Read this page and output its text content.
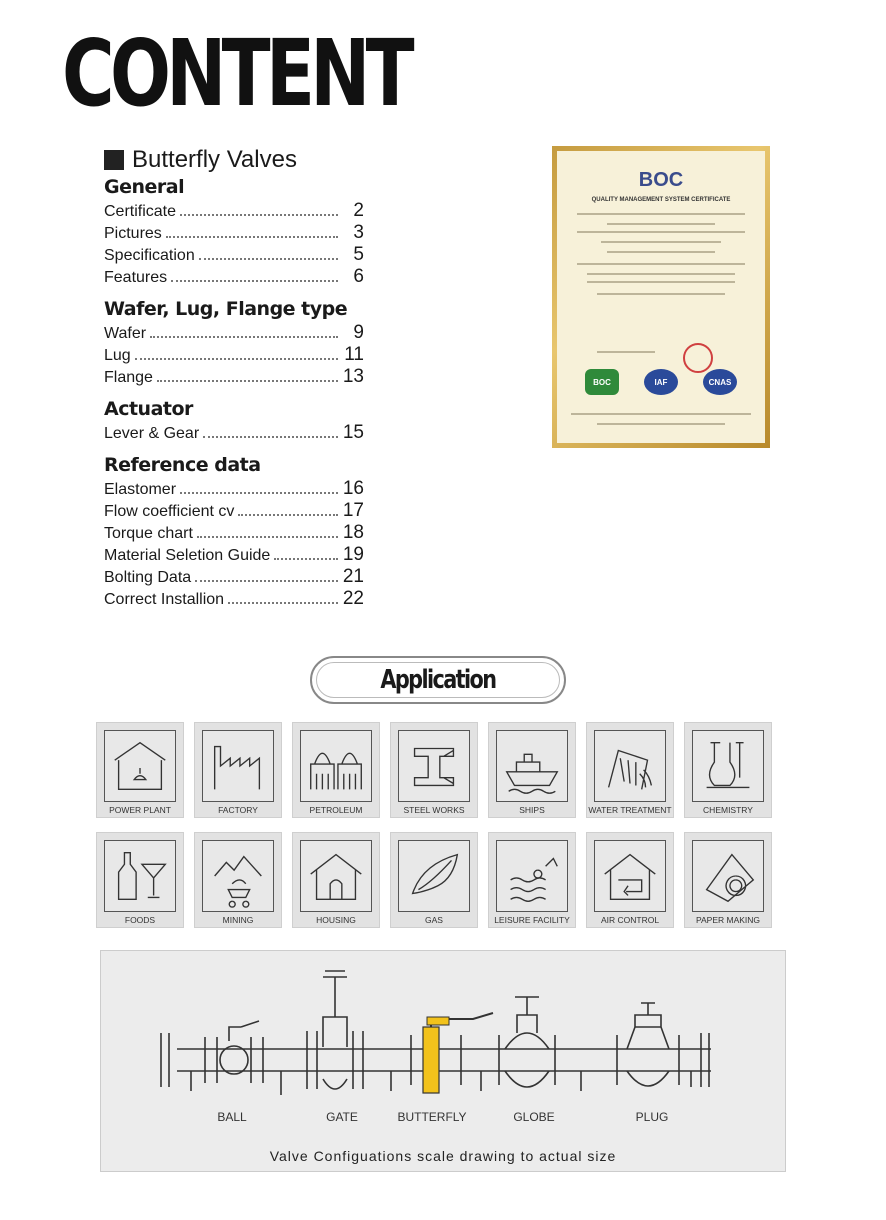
CONTENT
Butterfly Valves
General
Certificate	2
Pictures	3
Specification	5
Features	6
Wafer, Lug, Flange type
Wafer	9
Lug	11
Flange	13
Actuator
Lever & Gear	15
Reference data
Elastomer	16
Flow coefficient cv	17
Torque chart	18
Material Seletion Guide	19
Bolting Data	21
Correct Installion	22
BOC
QUALITY MANAGEMENT SYSTEM CERTIFICATE
BOC	IAF	CNAS
Application
POWER PLANT	FACTORY	PETROLEUM	STEEL WORKS	SHIPS	WATER TREATMENT	CHEMISTRY
FOODS	MINING	HOUSING	GAS	LEISURE FACILITY	AIR CONTROL	PAPER MAKING
BALL	GATE	BUTTERFLY	GLOBE	PLUG
Valve Configuations scale drawing to actual size
